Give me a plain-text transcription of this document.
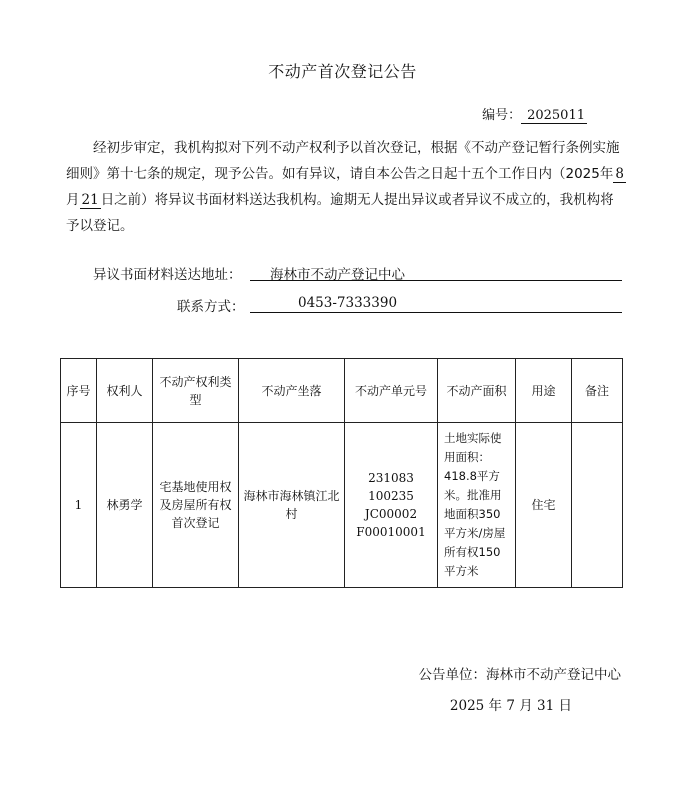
不动产首次登记公告
编号： 2025011
经初步审定，我机构拟对下列不动产权利予以首次登记，根据《不动产登记暂行条例实施细则》第十七条的规定，现予公告。如有异议，请自本公告之日起十五个工作日内（2025年 8月 21 日之前）将异议书面材料送达我机构。逾期无人提出异议或者异议不成立的，我机构将予以登记。
异议书面材料送达地址： 海林市不动产登记中心
联系方式：	0453-7333390
序号	权利人	不动产权利类型	不动产坐落	不动产单元号	不动产面积	用途	备注
1	林勇学	宅基地使用权及房屋所有权首次登记	海林市海林镇江北村	231083 100235 JC00002 F00010001	土地实际使用面积：418.8平方米。批准用地面积350平方米/房屋所有权150平方米	住宅	
公告单位：海林市不动产登记中心
2025 年 7 月 31 日
